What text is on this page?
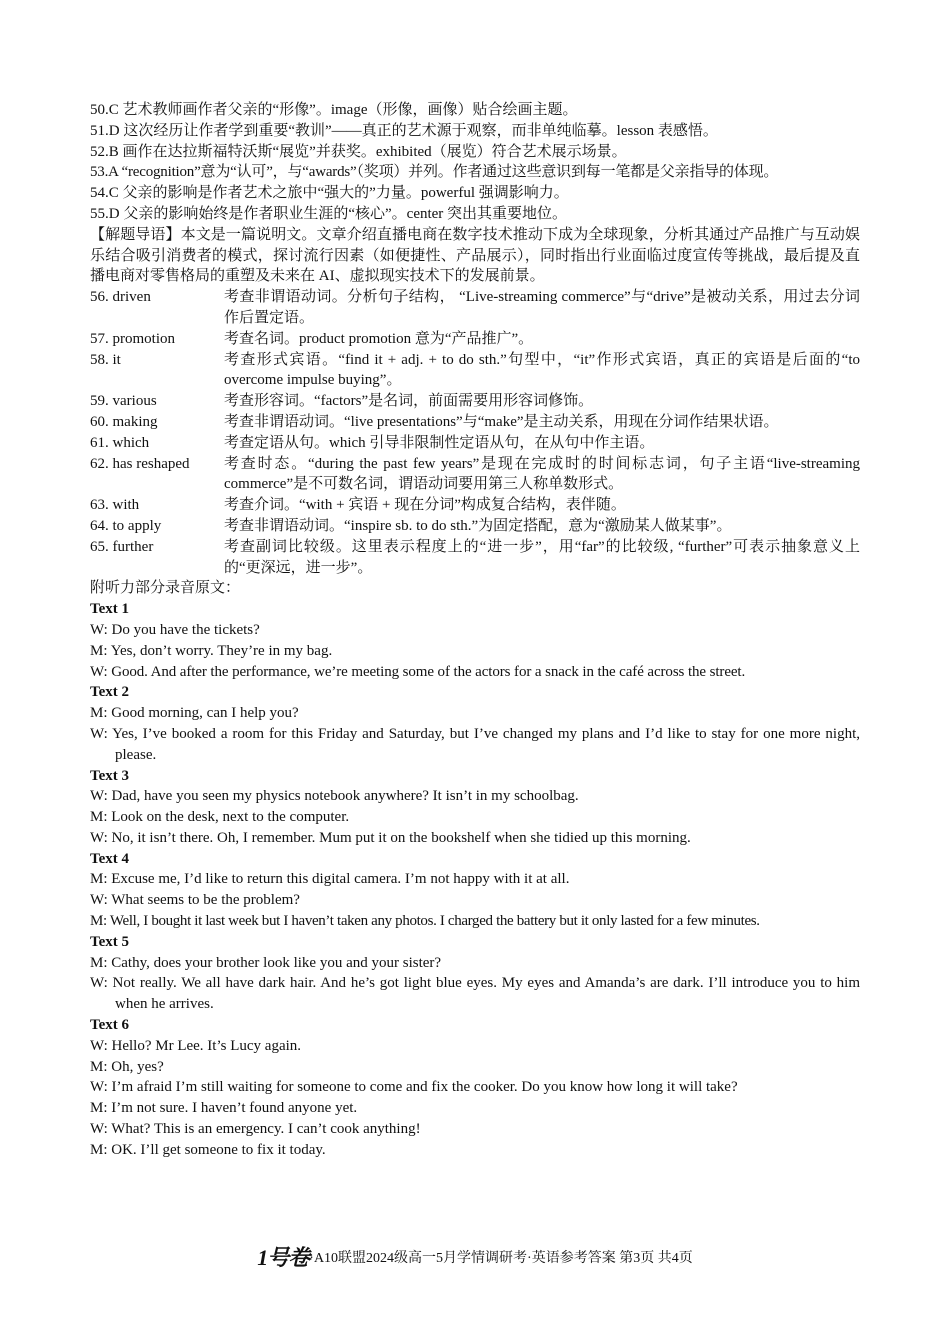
50.C 艺术教师画作者父亲的“形像”。image（形像，画像）贴合绘画主题。

51.D 这次经历让作者学到重要“教训”——真正的艺术源于观察，而非单纯临摹。lesson 表感悟。

52.B 画作在达拉斯福特沃斯“展览”并获奖。exhibited（展览）符合艺术展示场景。

53.A “recognition”意为“认可”，与“awards”（奖项）并列。作者通过这些意识到每一笔都是父亲指导的体现。

54.C 父亲的影响是作者艺术之旅中“强大的”力量。powerful 强调影响力。

55.D 父亲的影响始终是作者职业生涯的“核心”。center 突出其重要地位。

【解题导语】本文是一篇说明文。文章介绍直播电商在数字技术推动下成为全球现象，分析其通过产品推广与互动娱乐结合吸引消费者的模式，探讨流行因素（如便捷性、产品展示），同时指出行业面临过度宣传等挑战，最后提及直播电商对零售格局的重塑及未来在 AI、虚拟现实技术下的发展前景。

56. driven	考查非谓语动词。分析句子结构， “Live-streaming commerce”与“drive”是被动关系，用过去分词作后置定语。
57. promotion	考查名词。product promotion 意为“产品推广”。
58. it	考查形式宾语。“find it + adj. + to do sth.”句型中，“it”作形式宾语，真正的宾语是后面的“to overcome impulse buying”。
59. various	考查形容词。“factors”是名词，前面需要用形容词修饰。
60. making	考查非谓语动词。“live presentations”与“make”是主动关系，用现在分词作结果状语。
61. which	考查定语从句。which 引导非限制性定语从句，在从句中作主语。
62. has reshaped	考查时态。“during the past few years”是现在完成时的时间标志词，句子主语“live-streaming commerce”是不可数名词，谓语动词要用第三人称单数形式。
63. with	考查介词。“with + 宾语 + 现在分词”构成复合结构，表伴随。
64. to apply	考查非谓语动词。“inspire sb. to do sth.”为固定搭配，意为“激励某人做某事”。
65. further	考查副词比较级。这里表示程度上的“进一步”，用“far”的比较级, “further”可表示抽象意义上的“更深远，进一步”。

附听力部分录音原文：

Text 1

W: Do you have the tickets?

M: Yes, don’t worry. They’re in my bag.

W: Good. And after the performance, we’re meeting some of the actors for a snack in the café across the street.

Text 2

M: Good morning, can I help you?

W: Yes, I’ve booked a room for this Friday and Saturday, but I’ve changed my plans and I’d like to stay for one more night, please.

Text 3

W: Dad, have you seen my physics notebook anywhere? It isn’t in my schoolbag.

M: Look on the desk, next to the computer.

W: No, it isn’t there. Oh, I remember. Mum put it on the bookshelf when she tidied up this morning.

Text 4

M: Excuse me, I’d like to return this digital camera. I’m not happy with it at all.

W: What seems to be the problem?

M: Well, I bought it last week but I haven’t taken any photos. I charged the battery but it only lasted for a few minutes.

Text 5

M: Cathy, does your brother look like you and your sister?

W: Not really. We all have dark hair. And he’s got light blue eyes. My eyes and Amanda’s are dark. I’ll introduce you to him when he arrives.

Text 6

W: Hello? Mr Lee. It’s Lucy again.

M: Oh, yes?

W: I’m afraid I’m still waiting for someone to come and fix the cooker. Do you know how long it will take?

M: I’m not sure. I haven’t found anyone yet.

W: What? This is an emergency. I can’t cook anything!

M: OK. I’ll get someone to fix it today.

1号卷·A10联盟2024级高一5月学情调研考·英语参考答案 第3页 共4页
